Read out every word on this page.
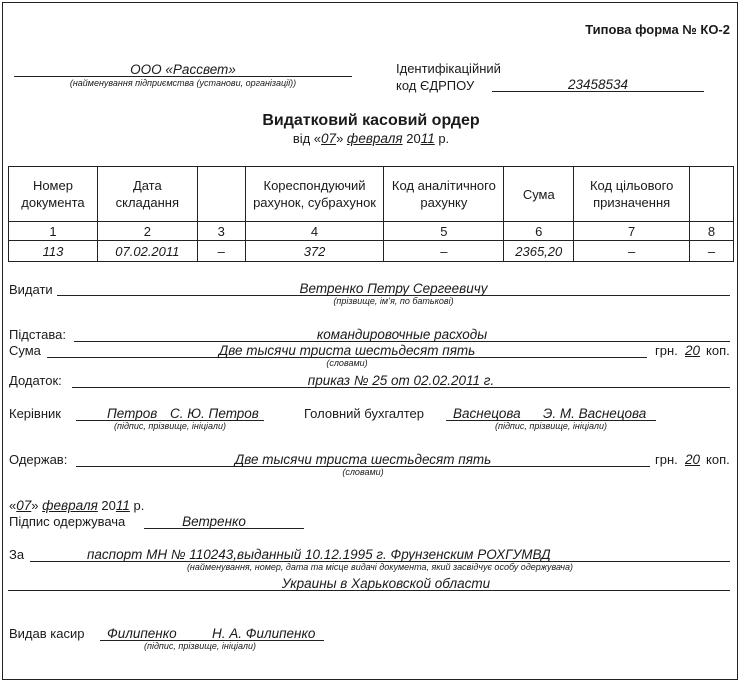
Типова форма № КО-2
ООО «Рассвет»
(найменування підприємства (установи, організації))
Ідентифікаційний
код ЄДРПОУ	23458534
Видатковий касовий ордер
від «07» февраля 2011 р.
Номер документа	Дата складання		Кореспондуючий рахунок, субрахунок	Код аналітичного рахунку	Сума	Код цільового призначення	
1	2	3	4	5	6	7	8
113	07.02.2011	–	372	–	2365,20	–	–
Видати	Ветренко Петру Сергеевичу
(прізвище, ім’я, по батькові)
Підстава:	командировочные расходы
Сума	Две тысячи триста шестьдесят пять
(словами)
грн. 20 коп.
Додаток:	приказ № 25 от 02.02.2011 г.
Керівник	Петров С. Ю. Петров
(підпис, прізвище, ініціали)
Головний бухгалтер Васнецова Э. М. Васнецова
(підпис, прізвище, ініціали)
Одержав:	Две тысячи триста шестьдесят пять
(словами)
грн. 20 коп.
«07» февраля 2011 р.
Підпис одержувача	Ветренко
За	паспорт МН № 110243,выданный 10.12.1995 г. Фрунзенским РОХГУМВД
(найменування, номер, дата та місце видачі документа, який засвідчує особу одержувача)
Украины в Харьковской области
Видав касир Филипенко	Н. А. Филипенко
(підпис, прізвище, ініціали)
